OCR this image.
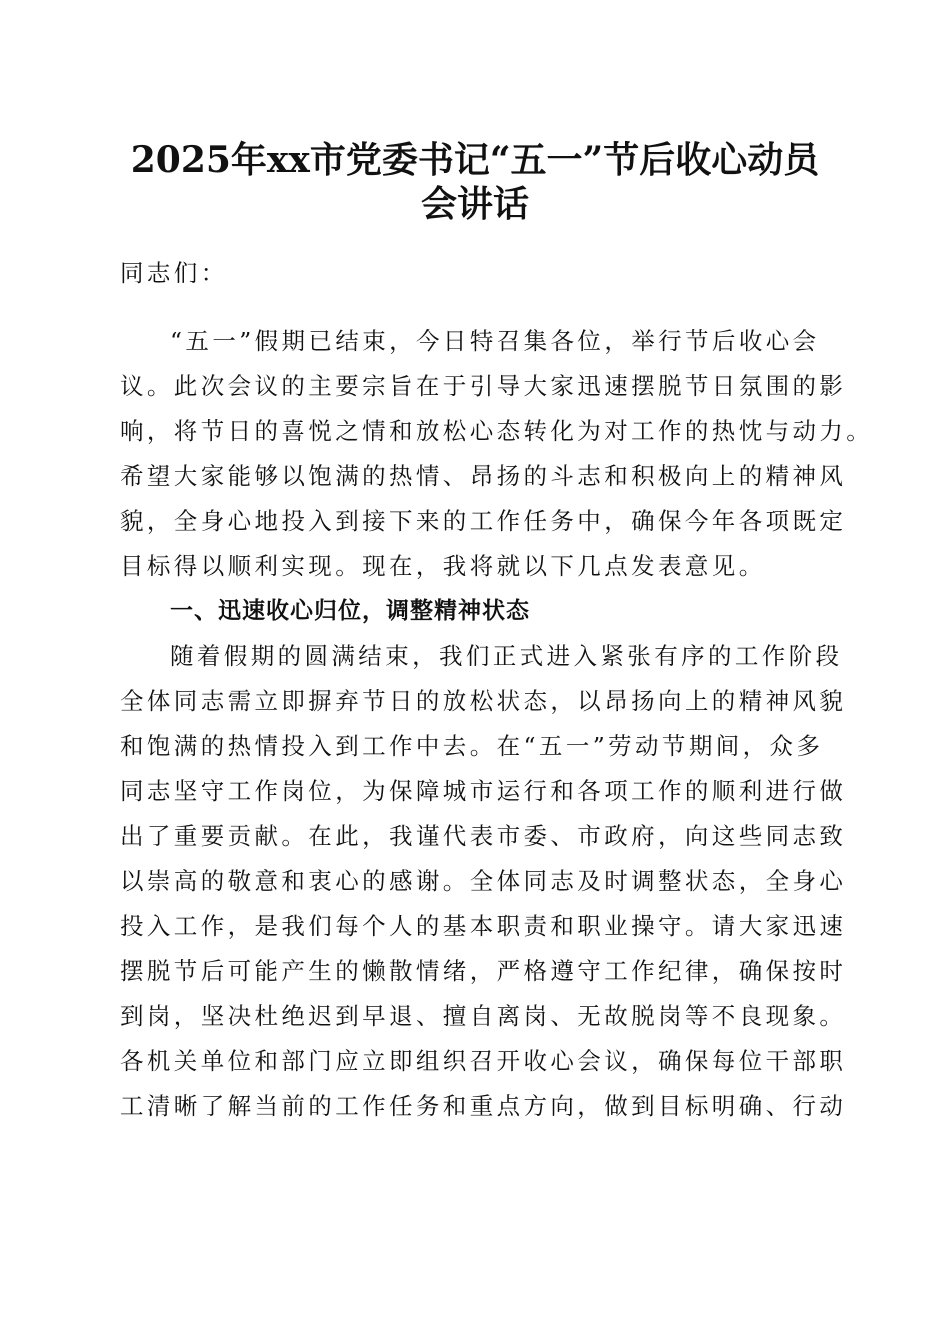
2025年xx市党委书记“五一”节后收心动员
会讲话

同志们：

“五一”假期已结束，今日特召集各位，举行节后收心会

议。此次会议的主要宗旨在于引导大家迅速摆脱节日氛围的影

响，将节日的喜悦之情和放松心态转化为对工作的热忱与动力。

希望大家能够以饱满的热情、昂扬的斗志和积极向上的精神风

貌，全身心地投入到接下来的工作任务中，确保今年各项既定

目标得以顺利实现。现在，我将就以下几点发表意见。

一、迅速收心归位，调整精神状态

随着假期的圆满结束，我们正式进入紧张有序的工作阶段

全体同志需立即摒弃节日的放松状态，以昂扬向上的精神风貌

和饱满的热情投入到工作中去。在“五一”劳动节期间，众多

同志坚守工作岗位，为保障城市运行和各项工作的顺利进行做

出了重要贡献。在此，我谨代表市委、市政府，向这些同志致

以崇高的敬意和衷心的感谢。全体同志及时调整状态，全身心

投入工作，是我们每个人的基本职责和职业操守。请大家迅速

摆脱节后可能产生的懒散情绪，严格遵守工作纪律，确保按时

到岗，坚决杜绝迟到早退、擅自离岗、无故脱岗等不良现象。

各机关单位和部门应立即组织召开收心会议，确保每位干部职

工清晰了解当前的工作任务和重点方向，做到目标明确、行动
